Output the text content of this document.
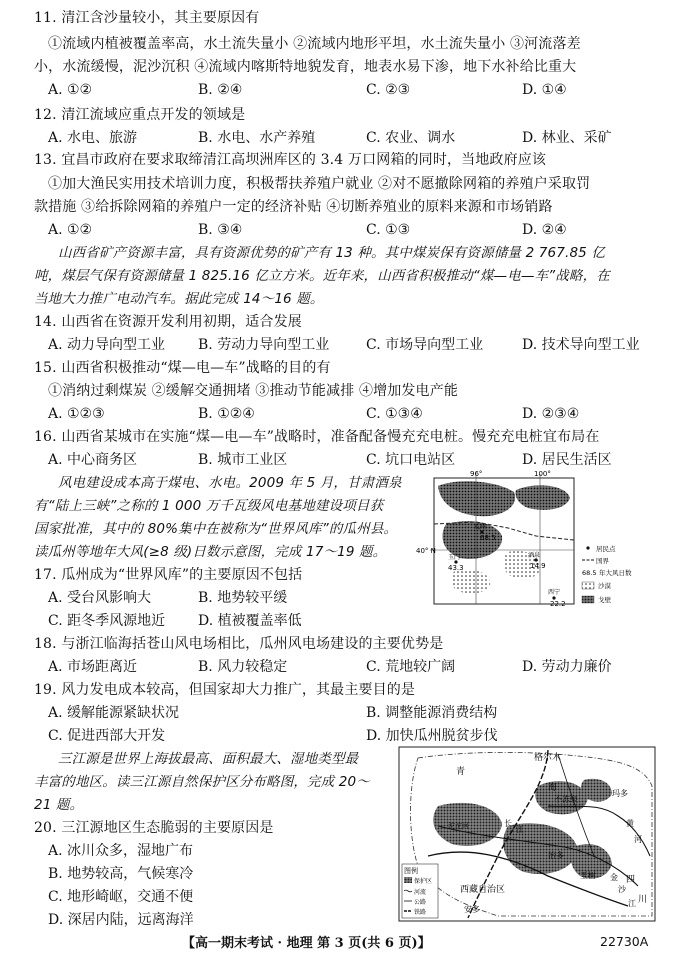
11. 清江含沙量较小，其主要原因有
①流域内植被覆盖率高，水土流失量小 ②流域内地形平坦，水土流失量小 ③河流落差
小，水流缓慢，泥沙沉积 ④流域内喀斯特地貌发育，地表水易下渗，地下水补给比重大
A. ①②	B. ②④	C. ②③	D. ①④
12. 清江流域应重点开发的领域是
A. 水电、旅游	B. 水电、水产养殖	C. 农业、调水	D. 林业、采矿
13. 宜昌市政府在要求取缔清江高坝洲库区的 3.4 万口网箱的同时，当地政府应该
①加大渔民实用技术培训力度，积极帮扶养殖户就业 ②对不愿撤除网箱的养殖户采取罚
款措施 ③给拆除网箱的养殖户一定的经济补贴 ④切断养殖业的原料来源和市场销路
A. ①②	B. ③④	C. ①③	D. ②④
山西省矿产资源丰富，具有资源优势的矿产有 13 种。其中煤炭保有资源储量 2 767.85 亿
吨，煤层气保有资源储量 1 825.16 亿立方米。近年来，山西省积极推动“煤—电—车”战略，在
当地大力推广电动汽车。据此完成 14～16 题。
14. 山西省在资源开发利用初期，适合发展
A. 动力导向型工业 B. 劳动力导向型工业	C. 市场导向型工业	D. 技术导向型工业
15. 山西省积极推动“煤—电—车”战略的目的有
①消纳过剩煤炭 ②缓解交通拥堵 ③推动节能减排 ④增加发电产能
A. ①②③	B. ①②④	C. ①③④	D. ②③④
16. 山西省某城市在实施“煤—电—车”战略时，准备配备慢充充电桩。慢充充电桩宜布局在
A. 中心商务区	B. 城市工业区	C. 坑口电站区	D. 居民生活区
风电建设成本高于煤电、水电。2009 年 5 月，甘肃酒泉
有“陆上三峡”之称的 1 000 万千瓦级风电基地建设项目获
国家批准，其中的 80%集中在被称为“世界风库”的瓜州县。
读瓜州等地年大风(≥8 级)日数示意图，完成 17～19 题。
96°	100°
40° N
瓜州
68.5
玉门
43.3
酒泉
14.9
西宁
22.2
居民点
国界
68.5 年大风日数
沙漠
戈壁
17. 瓜州成为“世界风库”的主要原因不包括
A. 受台风影响大	B. 地势较平缓
C. 距冬季风源地近 D. 植被覆盖率低
18. 与浙江临海括苍山风电场相比，瓜州风电场建设的主要优势是
A. 市场距离近	B. 风力较稳定	C. 荒地较广阔	D. 劳动力廉价
19. 风力发电成本较高，但国家却大力推广，其最主要目的是
A. 缓解能源紧缺状况	B. 调整能源消费结构
C. 促进西部大开发	D. 加快瓜州脱贫步伐
三江源是世界上海拔最高、面积最大、湿地类型最
丰富的地区。读三江源自然保护区分布略图，完成 20～
21 题。
格尔木
青
海
不冻泉
玛多
沱沱河
治多
玉树
西藏自治区
安多
四
川
长
江
黄
河
金
沙
江
图例
保护区
河流
公路
铁路
20. 三江源地区生态脆弱的主要原因是
A. 冰川众多，湿地广布
B. 地势较高，气候寒冷
C. 地形崎岖，交通不便
D. 深居内陆，远离海洋
【高一期末考试 · 地理 第 3 页(共 6 页)】	22730A
